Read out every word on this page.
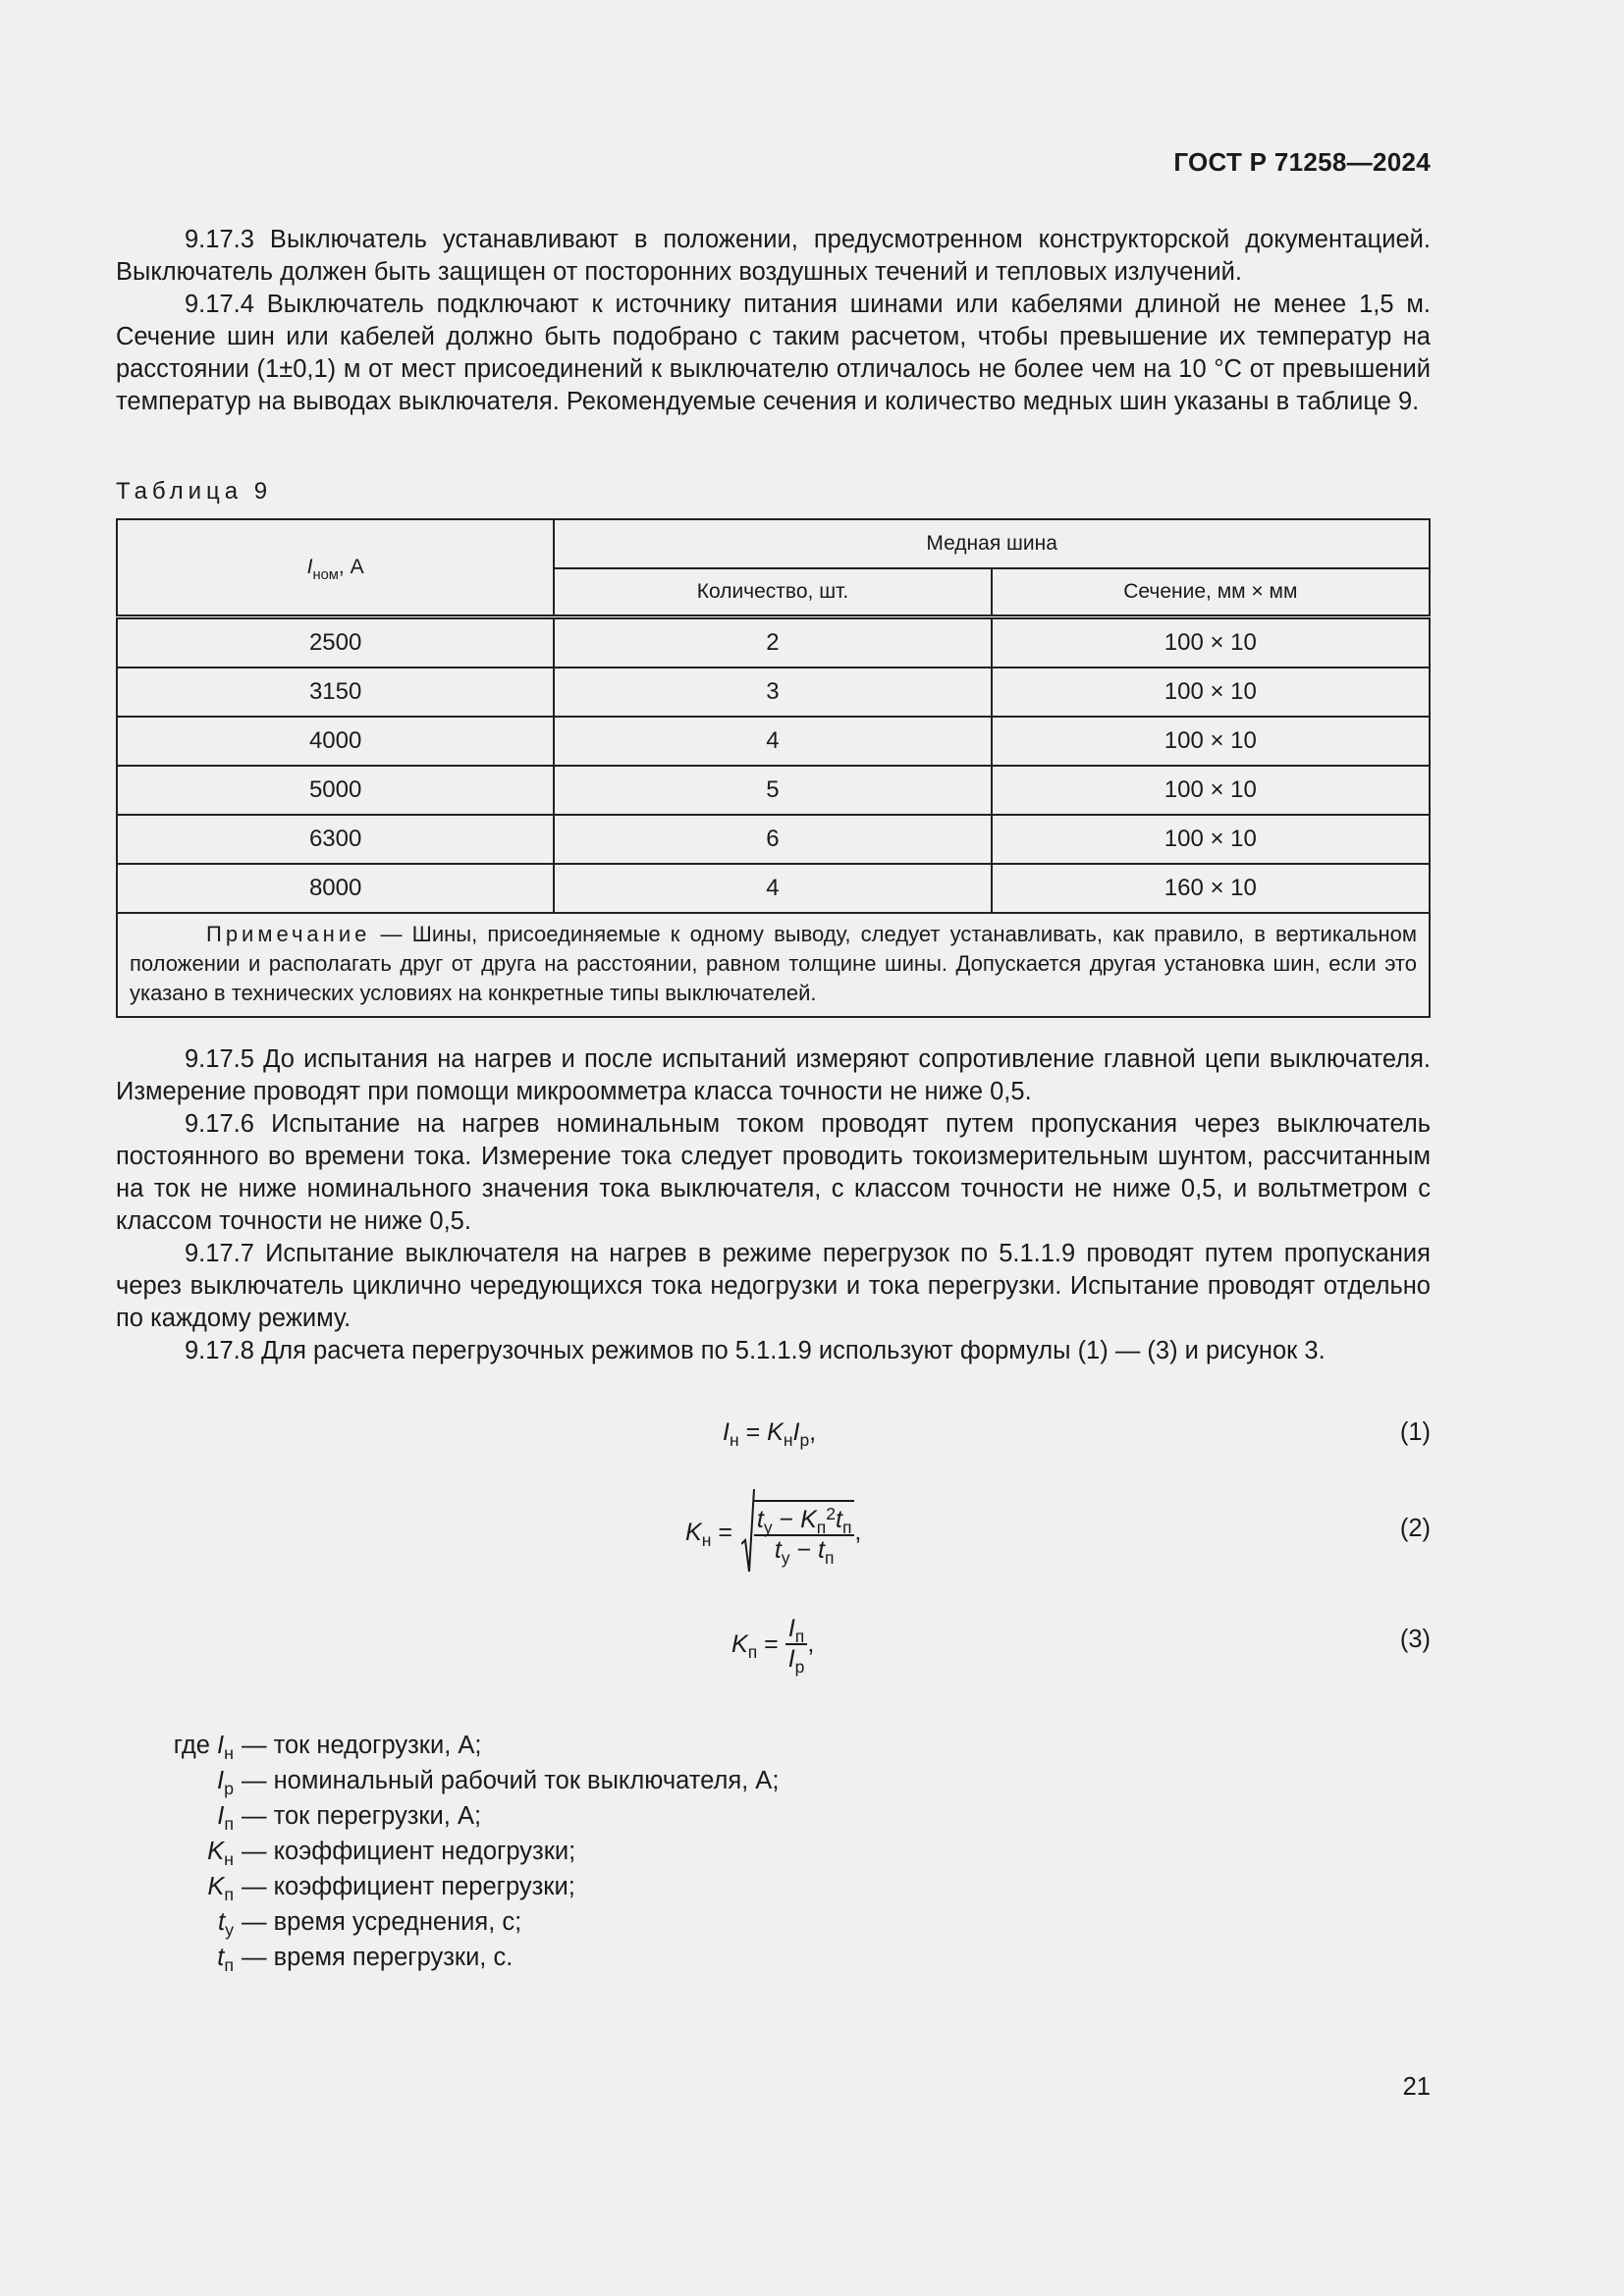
ГОСТ Р 71258—2024

9.17.3 Выключатель устанавливают в положении, предусмотренном конструкторской документацией. Выключатель должен быть защищен от посторонних воздушных течений и тепловых излучений.

9.17.4 Выключатель подключают к источнику питания шинами или кабелями длиной не менее 1,5 м. Сечение шин или кабелей должно быть подобрано с таким расчетом, чтобы превышение их температур на расстоянии (1±0,1) м от мест присоединений к выключателю отличалось не более чем на 10 °С от превышений температур на выводах выключателя. Рекомендуемые сечения и количество медных шин указаны в таблице 9.

Таблица 9
$I_{ном}$, А	Медная шина	
	Количество, шт.	Сечение, мм × мм
2500	2	100 × 10
3150	3	100 × 10
4000	4	100 × 10
5000	5	100 × 10
6300	6	100 × 10
8000	4	160 × 10
Примечание — Шины, присоединяемые к одному выводу, следует устанавливать, как правило, в вертикальном положении и располагать друг от друга на расстоянии, равном толщине шины. Допускается другая установка шин, если это указано в технических условиях на конкретные типы выключателей.		

9.17.5 До испытания на нагрев и после испытаний измеряют сопротивление главной цепи выключателя. Измерение проводят при помощи микроомметра класса точности не ниже 0,5.

9.17.6 Испытание на нагрев номинальным током проводят путем пропускания через выключатель постоянного во времени тока. Измерение тока следует проводить токоизмерительным шунтом, рассчитанным на ток не ниже номинального значения тока выключателя, с классом точности не ниже 0,5, и вольтметром с классом точности не ниже 0,5.

9.17.7 Испытание выключателя на нагрев в режиме перегрузок по 5.1.1.9 проводят путем пропускания через выключатель циклично чередующихся тока недогрузки и тока перегрузки. Испытание проводят отдельно по каждому режиму.

9.17.8 Для расчета перегрузочных режимов по 5.1.1.9 используют формулы (1) — (3) и рисунок 3.

$I_н = K_нI_р$,	(1)
$K_н = \frac{t_у - K_п^2t_п}{t_у - t_п}$ ,	(2)
$K_п = \frac{I_п}{I_р}$ ,	(3)
где $I_н$ — ток недогрузки, А;
$I_р$ — номинальный рабочий ток выключателя, А;
$I_п$ — ток перегрузки, А;
$K_н$ — коэффициент недогрузки;
$K_п$ — коэффициент перегрузки;
$t_у$ — время усреднения, с;
$t_п$ — время перегрузки, с.
21
